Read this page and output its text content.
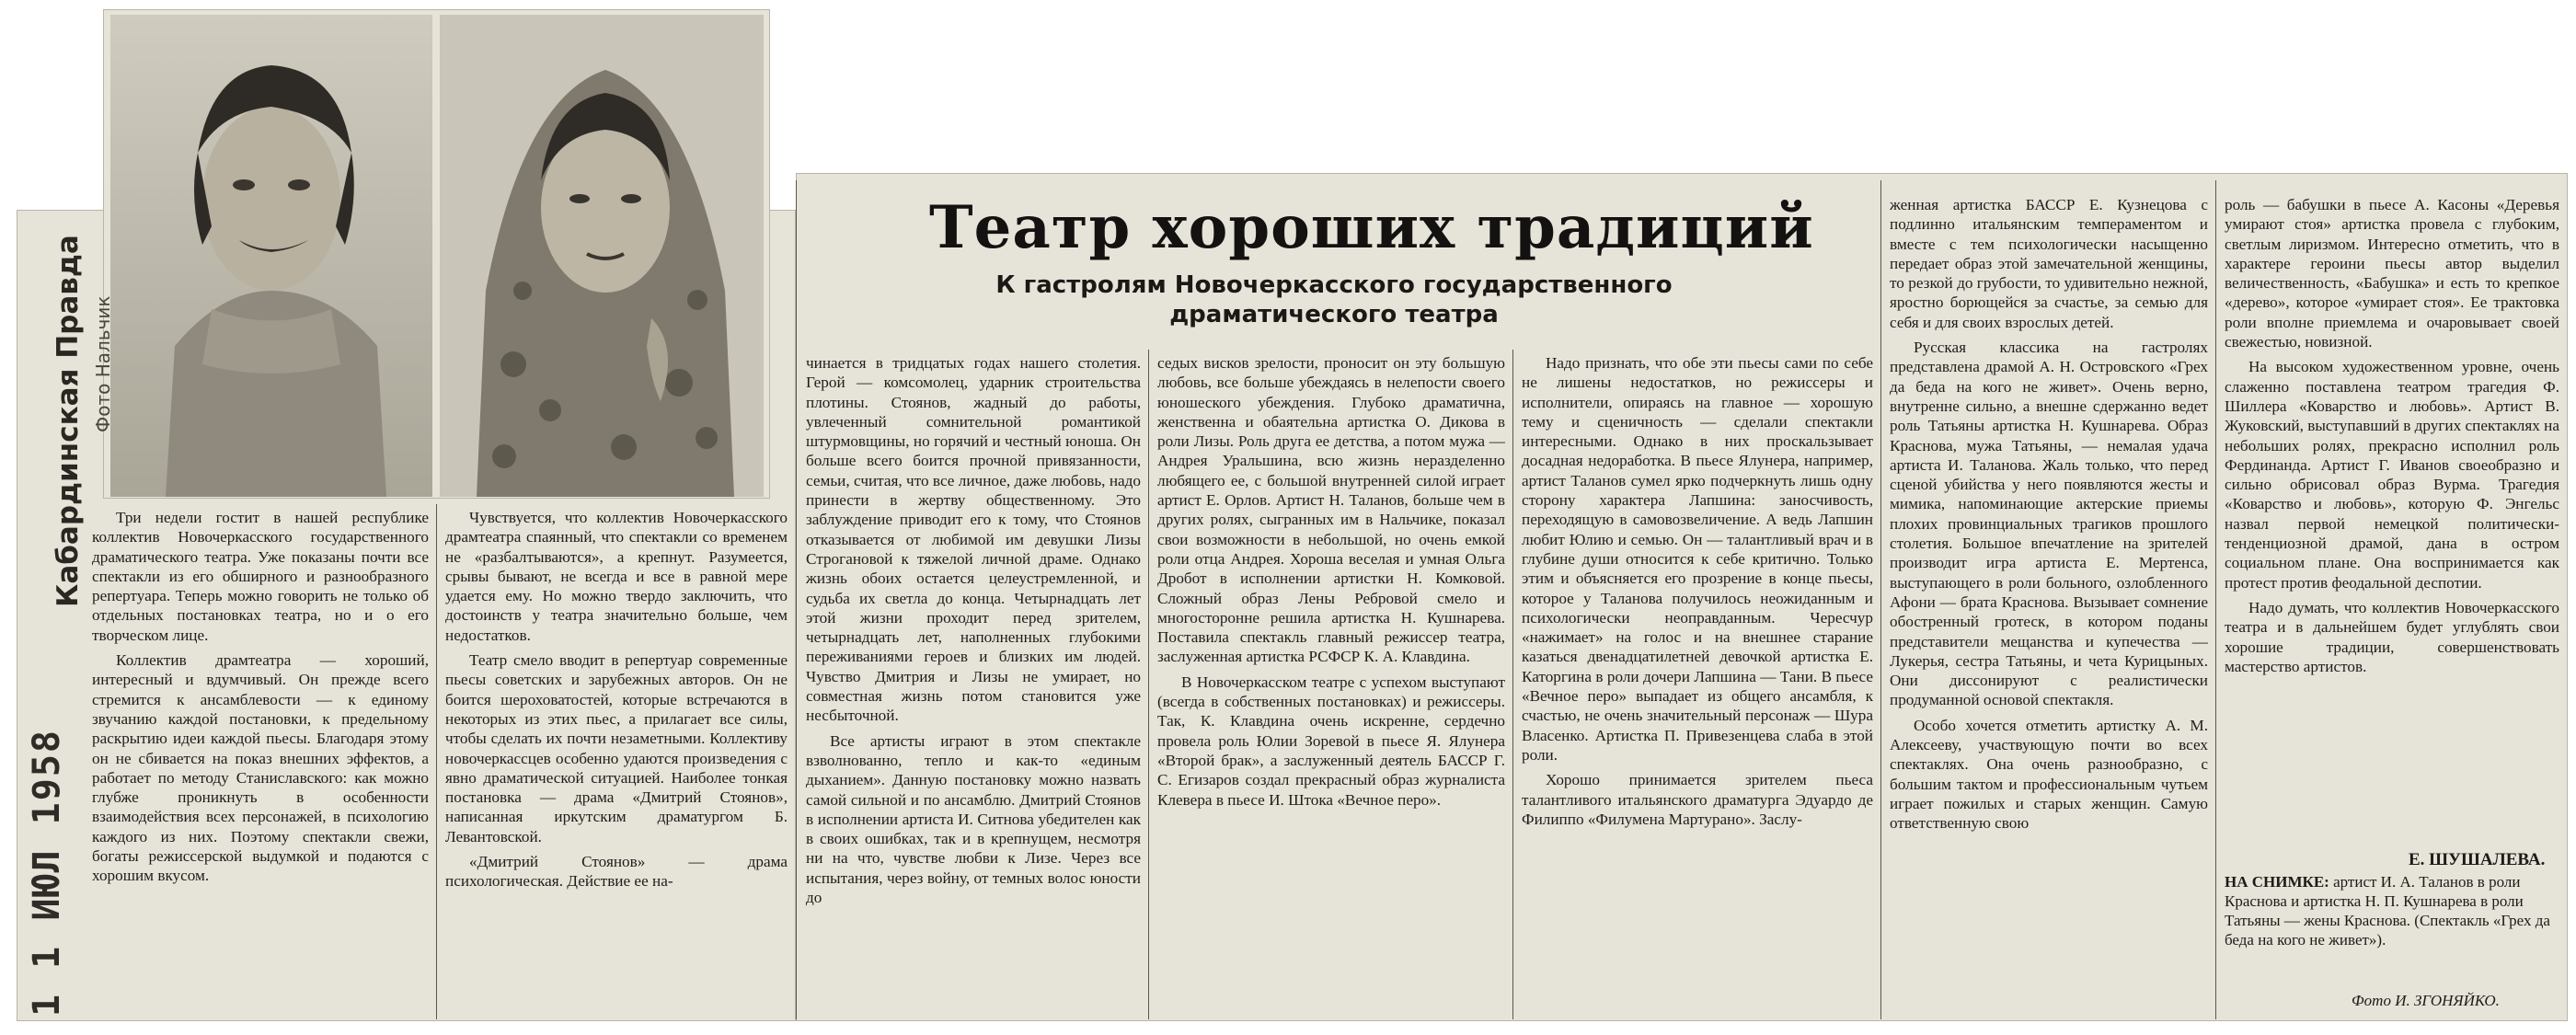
Кабардинская Правда Фото Нальчик
1 1 ИЮЛ 1958
Театр хороших традиций
К гастролям Новочеркасского государственного драматического театра

Три недели гостит в нашей республике коллектив Новочеркасского государственного драматического театра. Уже показаны почти все спектакли из его обширного и разнообразного репертуара. Теперь можно говорить не только об отдельных постановках театра, но и о его творческом лице.

Коллектив драмтеатра — хороший, интересный и вдумчивый. Он прежде всего стремится к ансамблевости — к единому звучанию каждой постановки, к предельному раскрытию идеи каждой пьесы. Благодаря этому он не сбивается на показ внешних эффектов, а работает по методу Станиславского: как можно глубже проникнуть в особенности взаимодействия всех персонажей, в психологию каждого из них. Поэтому спектакли свежи, богаты режиссерской выдумкой и подаются с хорошим вкусом.

Чувствуется, что коллектив Новочеркасского драмтеатра спаянный, что спектакли со временем не «разбалтываются», а крепнут. Разумеется, срывы бывают, не всегда и все в равной мере удается ему. Но можно твердо заключить, что достоинств у театра значительно больше, чем недостатков.

Театр смело вводит в репертуар современные пьесы советских и зарубежных авторов. Он не боится шероховатостей, которые встречаются в некоторых из этих пьес, а прилагает все силы, чтобы сделать их почти незаметными. Коллективу новочеркассцев особенно удаются произведения с явно драматической ситуацией. Наиболее тонкая постановка — драма «Дмитрий Стоянов», написанная иркутским драматургом Б. Левантовской.

«Дмитрий Стоянов» — драма психологическая. Действие ее на-

чинается в тридцатых годах нашего столетия. Герой — комсомолец, ударник строительства плотины. Стоянов, жадный до работы, увлеченный сомнительной романтикой штурмовщины, но горячий и честный юноша. Он больше всего боится прочной привязанности, семьи, считая, что все личное, даже любовь, надо принести в жертву общественному. Это заблуждение приводит его к тому, что Стоянов отказывается от любимой им девушки Лизы Строгановой к тяжелой личной драме. Однако жизнь обоих остается целеустремленной, и судьба их светла до конца. Четырнадцать лет этой жизни проходит перед зрителем, четырнадцать лет, наполненных глубокими переживаниями героев и близких им людей. Чувство Дмитрия и Лизы не умирает, но совместная жизнь потом становится уже несбыточной.

Все артисты играют в этом спектакле взволнованно, тепло и как-то «единым дыханием». Данную постановку можно назвать самой сильной и по ансамблю. Дмитрий Стоянов в исполнении артиста И. Ситнова убедителен как в своих ошибках, так и в крепнущем, несмотря ни на что, чувстве любви к Лизе. Через все испытания, через войну, от темных волос юности до

седых висков зрелости, проносит он эту большую любовь, все больше убеждаясь в нелепости своего юношеского убеждения. Глубоко драматична, женственна и обаятельна артистка О. Дикова в роли Лизы. Роль друга ее детства, а потом мужа — Андрея Уральшина, всю жизнь неразделенно любящего ее, с большой внутренней силой играет артист Е. Орлов. Артист Н. Таланов, больше чем в других ролях, сыгранных им в Нальчике, показал свои возможности в небольшой, но очень емкой роли отца Андрея. Хороша веселая и умная Ольга Дробот в исполнении артистки Н. Комковой. Сложный образ Лены Ребровой смело и многосторонне решила артистка Н. Кушнарева. Поставила спектакль главный режиссер театра, заслуженная артистка РСФСР К. А. Клавдина.

В Новочеркасском театре с успехом выступают (всегда в собственных постановках) и режиссеры. Так, К. Клавдина очень искренне, сердечно провела роль Юлии Зоревой в пьесе Я. Ялунера «Второй брак», а заслуженный деятель БАССР Г. С. Егизаров создал прекрасный образ журналиста Клевера в пьесе И. Штока «Вечное перо».

Надо признать, что обе эти пьесы сами по себе не лишены недостатков, но режиссеры и исполнители, опираясь на главное — хорошую тему и сценичность — сделали спектакли интересными. Однако в них проскальзывает досадная недоработка. В пьесе Ялунера, например, артист Таланов сумел ярко подчеркнуть лишь одну сторону характера Лапшина: заносчивость, переходящую в самовозвеличение. А ведь Лапшин любит Юлию и семью. Он — талантливый врач и в глубине души относится к себе критично. Только этим и объясняется его прозрение в конце пьесы, которое у Таланова получилось неожиданным и психологически неоправданным. Чересчур «нажимает» на голос и на внешнее старание казаться двенадцатилетней девочкой артистка Е. Каторгина в роли дочери Лапшина — Тани. В пьесе «Вечное перо» выпадает из общего ансамбля, к счастью, не очень значительный персонаж — Шура Власенко. Артистка П. Привезенцева слаба в этой роли.

Хорошо принимается зрителем пьеса талантливого итальянского драматурга Эдуардо де Филиппо «Филумена Мартурано». Заслу-

женная артистка БАССР Е. Кузнецова с подлинно итальянским темпераментом и вместе с тем психологически насыщенно передает образ этой замечательной женщины, то резкой до грубости, то удивительно нежной, яростно борющейся за счастье, за семью для себя и для своих взрослых детей.

Русская классика на гастролях представлена драмой А. Н. Островского «Грех да беда на кого не живет». Очень верно, внутренне сильно, а внешне сдержанно ведет роль Татьяны артистка Н. Кушнарева. Образ Краснова, мужа Татьяны, — немалая удача артиста И. Таланова. Жаль только, что перед сценой убийства у него появляются жесты и мимика, напоминающие актерские приемы плохих провинциальных трагиков прошлого столетия. Большое впечатление на зрителей производит игра артиста Е. Мертенса, выступающего в роли больного, озлобленного Афони — брата Краснова. Вызывает сомнение обостренный гротеск, в котором поданы представители мещанства и купечества — Лукерья, сестра Татьяны, и чета Курицыных. Они диссонируют с реалистически продуманной основой спектакля.

Особо хочется отметить артистку А. М. Алексееву, участвующую почти во всех спектаклях. Она очень разнообразно, с большим тактом и профессиональным чутьем играет пожилых и старых женщин. Самую ответственную свою

роль — бабушки в пьесе А. Касоны «Деревья умирают стоя» артистка провела с глубоким, светлым лиризмом. Интересно отметить, что в характере героини пьесы автор выделил величественность, «Бабушка» и есть то крепкое «дерево», которое «умирает стоя». Ее трактовка роли вполне приемлема и очаровывает своей свежестью, новизной.

На высоком художественном уровне, очень слаженно поставлена театром трагедия Ф. Шиллера «Коварство и любовь». Артист В. Жуковский, выступавший в других спектаклях на небольших ролях, прекрасно исполнил роль Фердинанда. Артист Г. Иванов своеобразно и сильно обрисовал образ Вурма. Трагедия «Коварство и любовь», которую Ф. Энгельс назвал первой немецкой политически-тенденциозной драмой, дана в остром социальном плане. Она воспринимается как протест против феодальной деспотии.

Надо думать, что коллектив Новочеркасского театра и в дальнейшем будет углублять свои хорошие традиции, совершенствовать мастерство артистов.

Е. ШУШАЛЕВА.
НА СНИМКЕ: артист И. А. Таланов в роли Краснова и артистка Н. П. Кушнарева в роли Татьяны — жены Краснова. (Спектакль «Грех да беда на кого не живет»).
Фото И. ЗГОНЯЙКО.
